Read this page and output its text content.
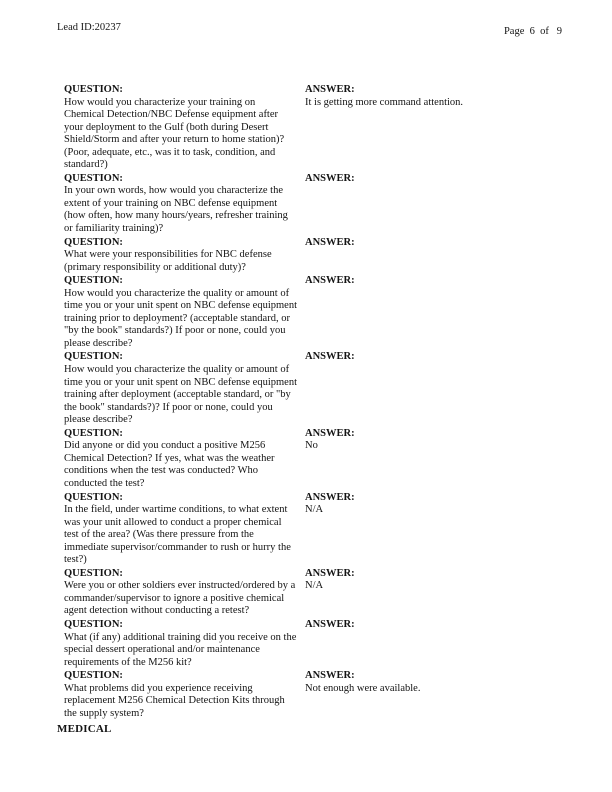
Lead ID:20237	Page  6  of   9
QUESTION:
How would you characterize your training on Chemical Detection/NBC Defense equipment after your deployment to the Gulf (both during Desert Shield/Storm and after your return to home station)? (Poor, adequate, etc., was it to task, condition, and standard?)
ANSWER:
It is getting more command attention.
QUESTION:
In your own words, how would you characterize the extent of your training on NBC defense equipment (how often, how many hours/years, refresher training or familiarity training)?
ANSWER:
QUESTION:
What were your responsibilities for NBC defense (primary responsibility or additional duty)?
ANSWER:
QUESTION:
How would you characterize the quality or amount of time you or your unit spent on NBC defense equipment training prior to deployment? (acceptable standard, or "by the book" standards?) If poor or none, could you please describe?
ANSWER:
QUESTION:
How would you characterize the quality or amount of time you or your unit spent on NBC defense equipment training after deployment (acceptable standard, or "by the book" standards?)? If poor or none, could you please describe?
ANSWER:
QUESTION:
Did anyone or did you conduct a positive M256 Chemical Detection? If yes, what was the weather conditions when the test was conducted? Who conducted the test?
ANSWER:
No
QUESTION:
In the field, under wartime conditions, to what extent was your unit allowed to conduct a proper chemical test of the area? (Was there pressure from the immediate supervisor/commander to rush or hurry the test?)
ANSWER:
N/A
QUESTION:
Were you or other soldiers ever instructed/ordered by a commander/supervisor to ignore a positive chemical agent detection without conducting a retest?
ANSWER:
N/A
QUESTION:
What (if any) additional training did you receive on the special dessert operational and/or maintenance requirements of the M256 kit?
ANSWER:
QUESTION:
What problems did you experience receiving replacement M256 Chemical Detection Kits through the supply system?
ANSWER:
Not enough were available.
MEDICAL
